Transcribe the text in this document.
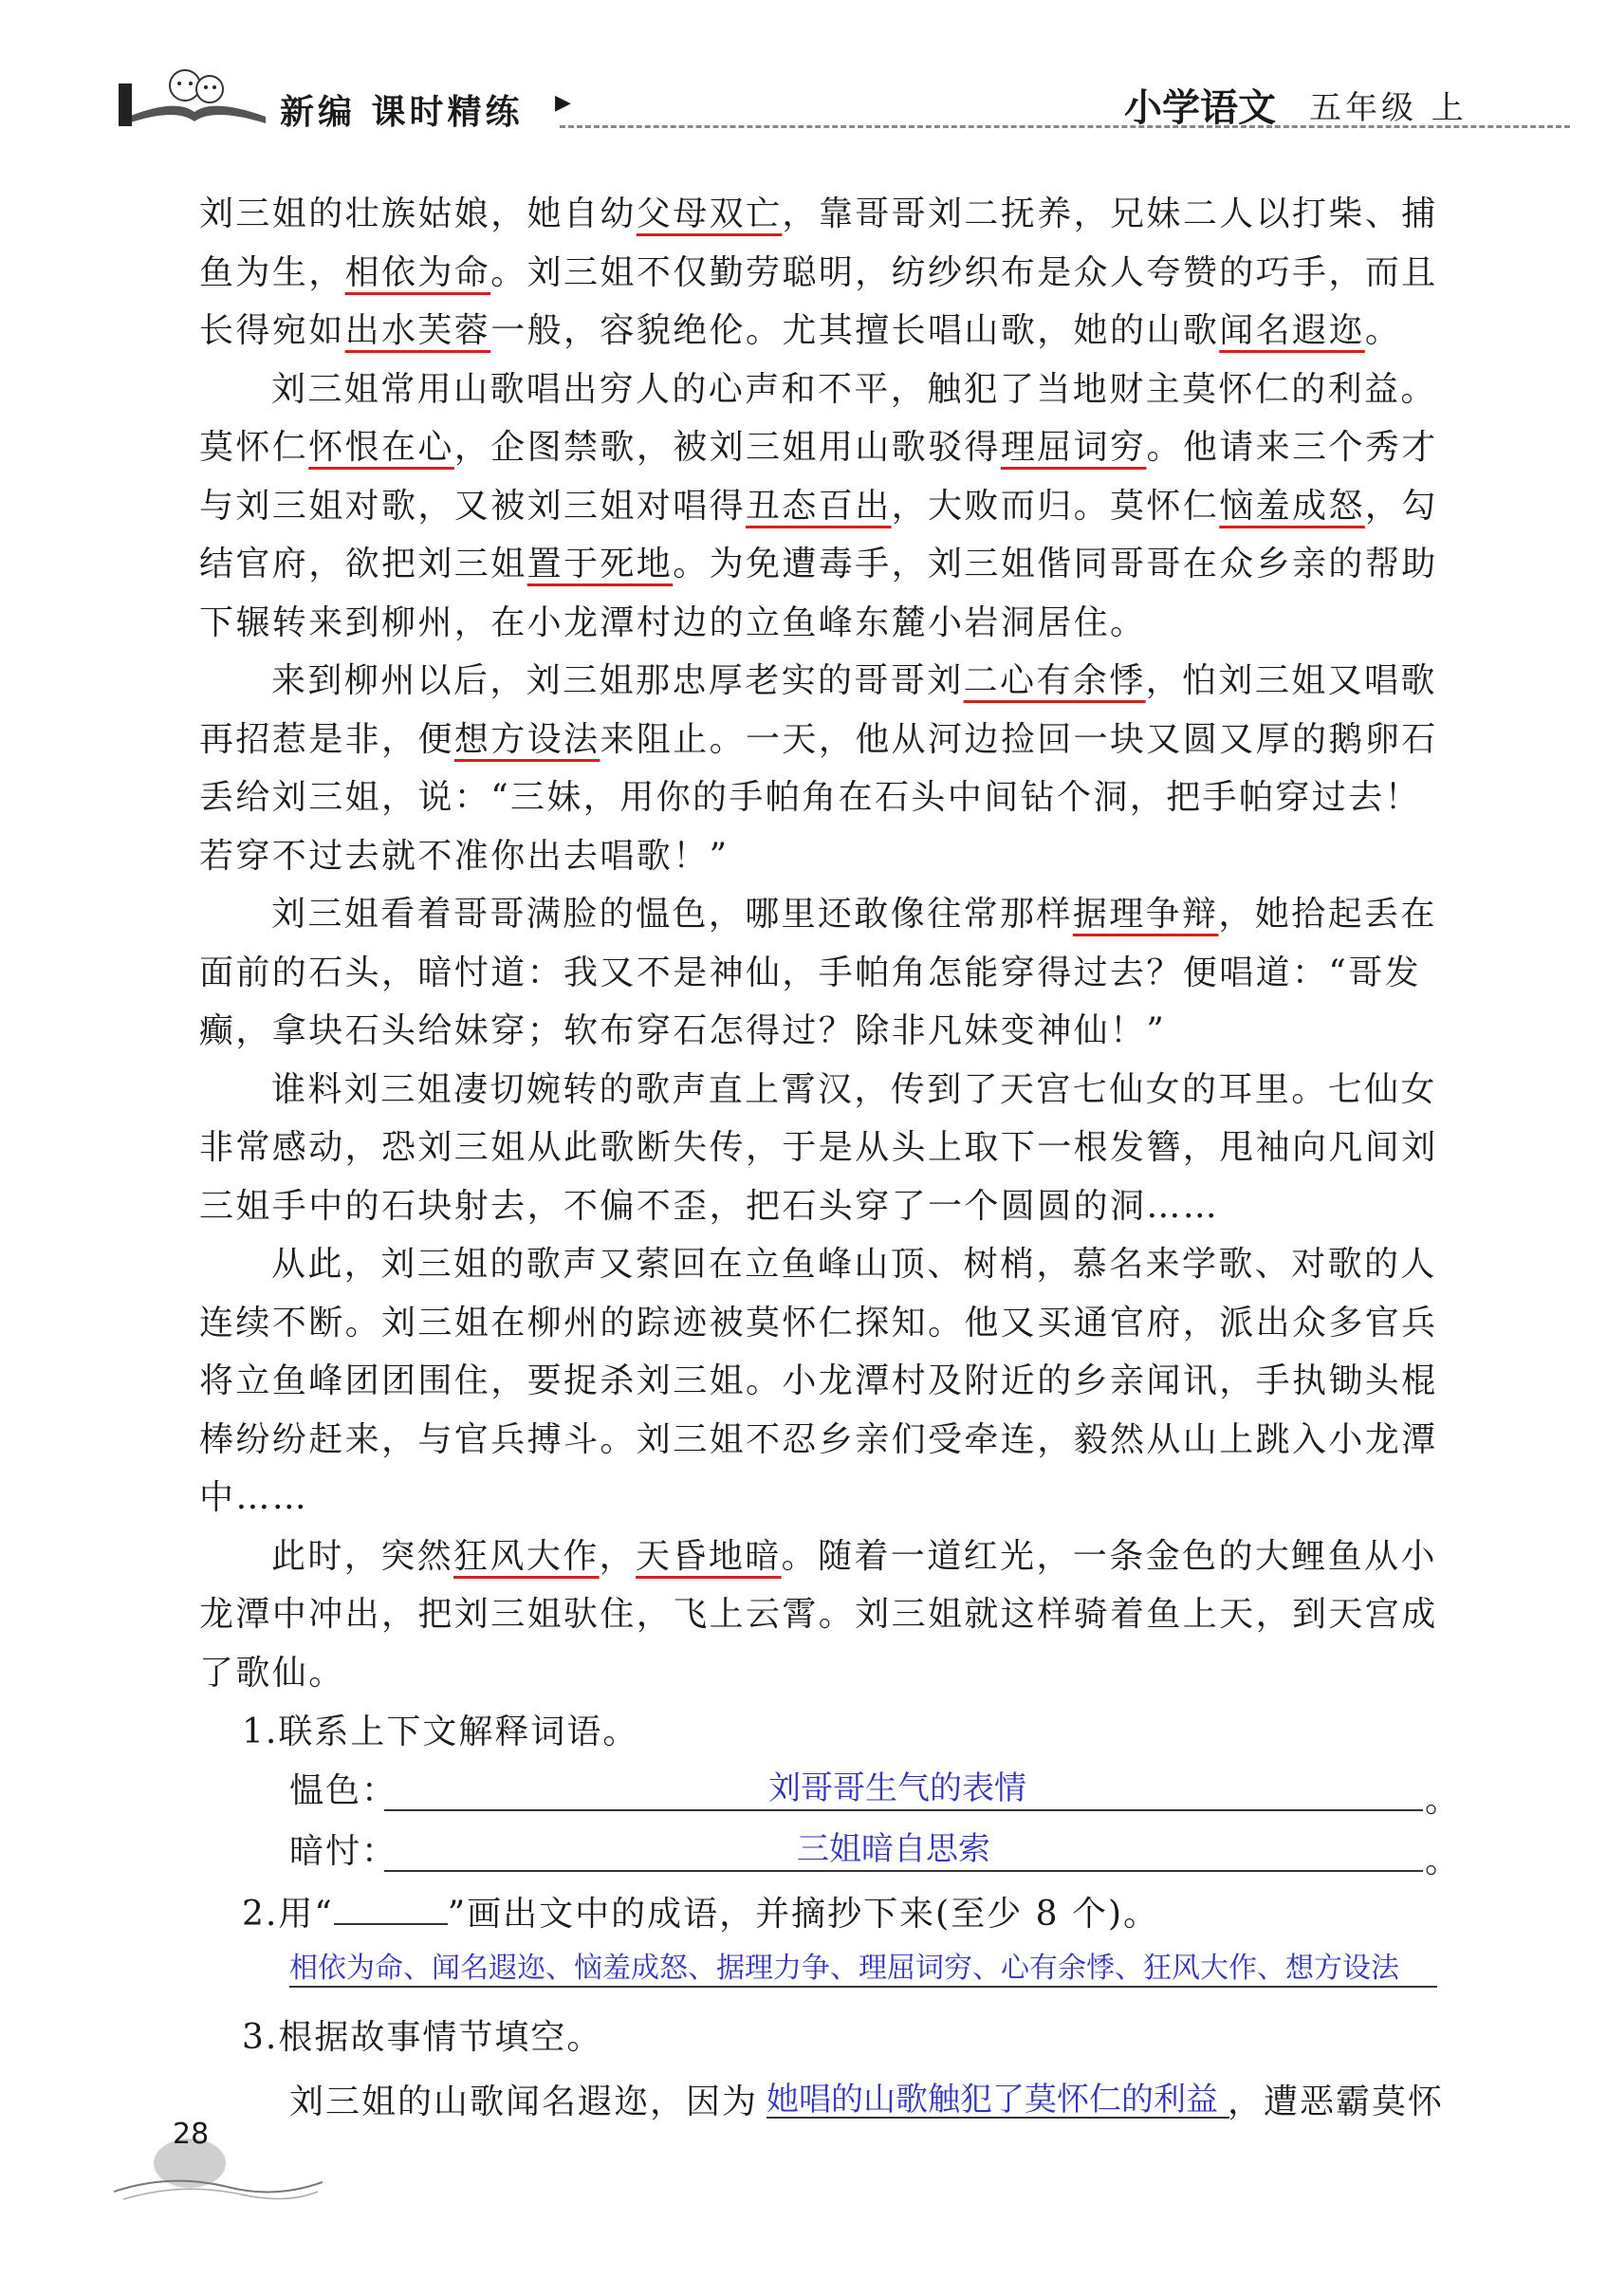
新编 课时精练 ▶	小学语文 五年级 上

刘三姐的壮族姑娘，她自幼父母双亡，靠哥哥刘二抚养，兄妹二人以打柴、捕鱼为生，相依为命。刘三姐不仅勤劳聪明，纺纱织布是众人夸赞的巧手，而且长得宛如出水芙蓉一般，容貌绝伦。尤其擅长唱山歌，她的山歌闻名遐迩。

刘三姐常用山歌唱出穷人的心声和不平，触犯了当地财主莫怀仁的利益。莫怀仁怀恨在心，企图禁歌，被刘三姐用山歌驳得理屈词穷。他请来三个秀才与刘三姐对歌，又被刘三姐对唱得丑态百出，大败而归。莫怀仁恼羞成怒，勾结官府，欲把刘三姐置于死地。为免遭毒手，刘三姐偕同哥哥在众乡亲的帮助下辗转来到柳州，在小龙潭村边的立鱼峰东麓小岩洞居住。

来到柳州以后，刘三姐那忠厚老实的哥哥刘二心有余悸，怕刘三姐又唱歌再招惹是非，便想方设法来阻止。一天，他从河边捡回一块又圆又厚的鹅卵石丢给刘三姐，说：“三妹，用你的手帕角在石头中间钻个洞，把手帕穿过去！若穿不过去就不准你出去唱歌！”

刘三姐看着哥哥满脸的愠色，哪里还敢像往常那样据理争辩，她拾起丢在面前的石头，暗忖道：我又不是神仙，手帕角怎能穿得过去？便唱道：“哥发癫，拿块石头给妹穿；软布穿石怎得过？除非凡妹变神仙！”

谁料刘三姐凄切婉转的歌声直上霄汉，传到了天宫七仙女的耳里。七仙女非常感动，恐刘三姐从此歌断失传，于是从头上取下一根发簪，甩袖向凡间刘三姐手中的石块射去，不偏不歪，把石头穿了一个圆圆的洞……

从此，刘三姐的歌声又萦回在立鱼峰山顶、树梢，慕名来学歌、对歌的人连续不断。刘三姐在柳州的踪迹被莫怀仁探知。他又买通官府，派出众多官兵将立鱼峰团团围住，要捉杀刘三姐。小龙潭村及附近的乡亲闻讯，手执锄头棍棒纷纷赶来，与官兵搏斗。刘三姐不忍乡亲们受牵连，毅然从山上跳入小龙潭中……

此时，突然狂风大作，天昏地暗。随着一道红光，一条金色的大鲤鱼从小龙潭中冲出，把刘三姐驮住，飞上云霄。刘三姐就这样骑着鱼上天，到天宫成了歌仙。

1.联系上下文解释词语。
愠色：	刘哥哥生气的表情	。
暗忖：	三姐暗自思索	。
2.用“	”画出文中的成语，并摘抄下来(至少 8 个)。
相依为命、闻名遐迩、恼羞成怒、据理力争、理屈词穷、心有余悸、狂风大作、想方设法
3.根据故事情节填空。
刘三姐的山歌闻名遐迩，因为 她唱的山歌触犯了莫怀仁的利益 ，遭恶霸莫怀
28
